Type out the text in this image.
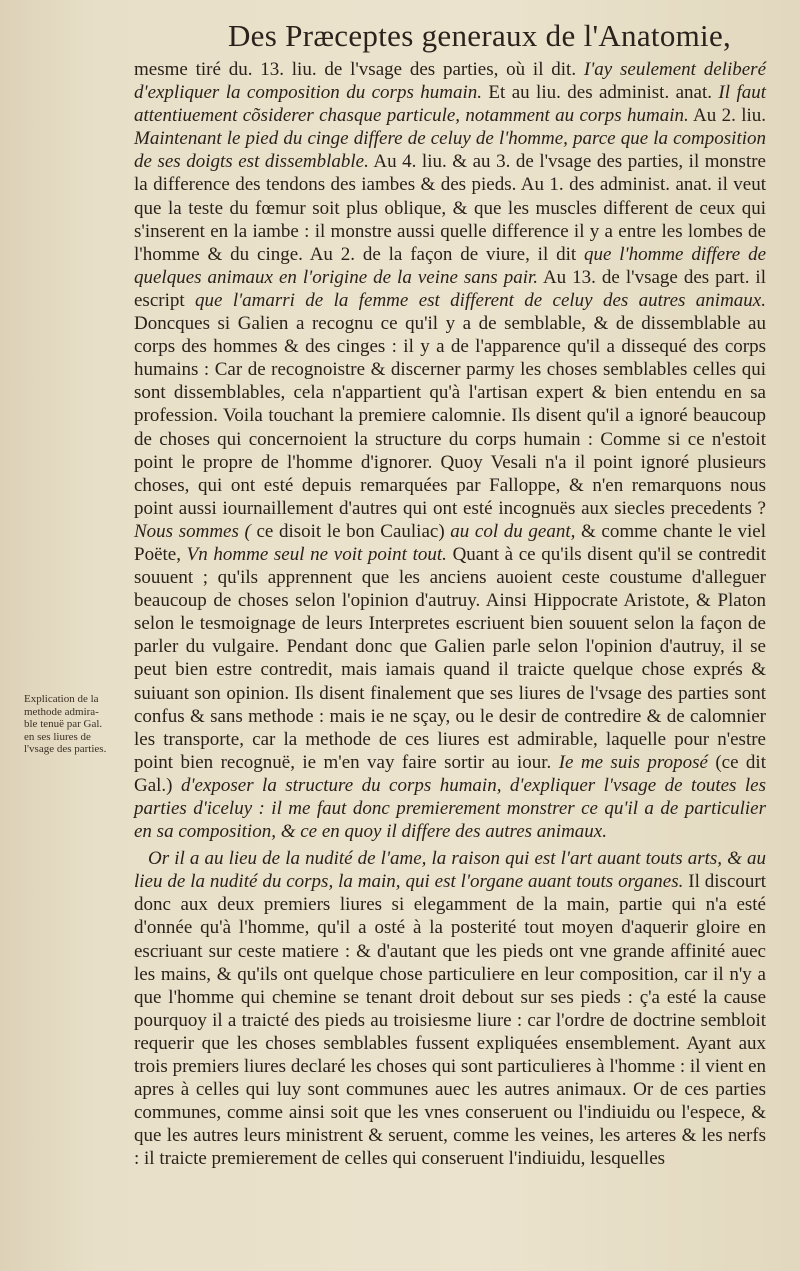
Des Præceptes generaux de l'Anatomie,

mesme tiré du. 13. liu. de l'vsage des parties, où il dit. I'ay seulement deliberé d'expliquer la composition du corps humain. Et au liu. des administ. anat. Il faut attentiuement cõsiderer chasque particule, notamment au corps humain. Au 2. liu. Maintenant le pied du cinge differe de celuy de l'homme, parce que la composition de ses doigts est dissemblable. Au 4. liu. & au 3. de l'vsage des parties, il monstre la difference des tendons des iambes & des pieds. Au 1. des administ. anat. il veut que la teste du fœmur soit plus oblique, & que les muscles different de ceux qui s'inserent en la iambe : il monstre aussi quelle difference il y a entre les lombes de l'homme & du cinge. Au 2. de la façon de viure, il dit que l'homme differe de quelques animaux en l'origine de la veine sans pair. Au 13. de l'vsage des part. il escript que l'amarri de la femme est different de celuy des autres animaux. Doncques si Galien a recognu ce qu'il y a de semblable, & de dissemblable au corps des hommes & des cinges : il y a de l'apparence qu'il a dissequé des corps humains : Car de recognoistre & discerner parmy les choses semblables celles qui sont dissemblables, cela n'appartient qu'à l'artisan expert & bien entendu en sa profession. Voila touchant la premiere calomnie. Ils disent qu'il a ignoré beaucoup de choses qui concernoient la structure du corps humain : Comme si ce n'estoit point le propre de l'homme d'ignorer. Quoy Vesali n'a il point ignoré plusieurs choses, qui ont esté depuis remarquées par Falloppe, & n'en remarquons nous point aussi iournaillement d'autres qui ont esté incognuës aux siecles precedents ? Nous sommes ( ce disoit le bon Cauliac) au col du geant, & comme chante le viel Poëte, Vn homme seul ne voit point tout. Quant à ce qu'ils disent qu'il se contredit souuent ; qu'ils apprennent que les anciens auoient ceste coustume d'alleguer beaucoup de choses selon l'opinion d'autruy. Ainsi Hippocrate Aristote, & Platon selon le tesmoignage de leurs Interpretes escriuent bien souuent selon la façon de parler du vulgaire. Pendant donc que Galien parle selon l'opinion d'autruy, il se peut bien estre contredit, mais iamais quand il traicte quelque chose exprés & suiuant son opinion. Ils disent finalement que ses liures de l'vsage des parties sont confus & sans methode : mais ie ne sçay, ou le desir de contredire & de calomnier les transporte, car la methode de ces liures est admirable, laquelle pour n'estre point bien recognuë, ie m'en vay faire sortir au iour. Ie me suis proposé (ce dit Gal.) d'exposer la structure du corps humain, d'expliquer l'vsage de toutes les parties d'iceluy : il me faut donc premierement monstrer ce qu'il a de particulier en sa composition, & ce en quoy il differe des autres animaux.

Or il a au lieu de la nudité de l'ame, la raison qui est l'art auant touts arts, & au lieu de la nudité du corps, la main, qui est l'organe auant touts organes. Il discourt donc aux deux premiers liures si elegamment de la main, partie qui n'a esté d'onnée qu'à l'homme, qu'il a osté à la posterité tout moyen d'aquerir gloire en escriuant sur ceste matiere : & d'autant que les pieds ont vne grande affinité auec les mains, & qu'ils ont quelque chose particuliere en leur composition, car il n'y a que l'homme qui chemine se tenant droit debout sur ses pieds : ç'a esté la cause pourquoy il a traicté des pieds au troisiesme liure : car l'ordre de doctrine sembloit requerir que les choses semblables fussent expliquées ensemblement. Ayant aux trois premiers liures declaré les choses qui sont particulieres à l'homme : il vient en apres à celles qui luy sont communes auec les autres animaux. Or de ces parties communes, comme ainsi soit que les vnes conseruent ou l'indiuidu ou l'espece, & que les autres leurs ministrent & seruent, comme les veines, les arteres & les nerfs : il traicte premierement de celles qui conseruent l'indiuidu, lesquelles

Explication de la
methode admira-
ble tenuë par Gal.
en ses liures de
l'vsage des parties.
